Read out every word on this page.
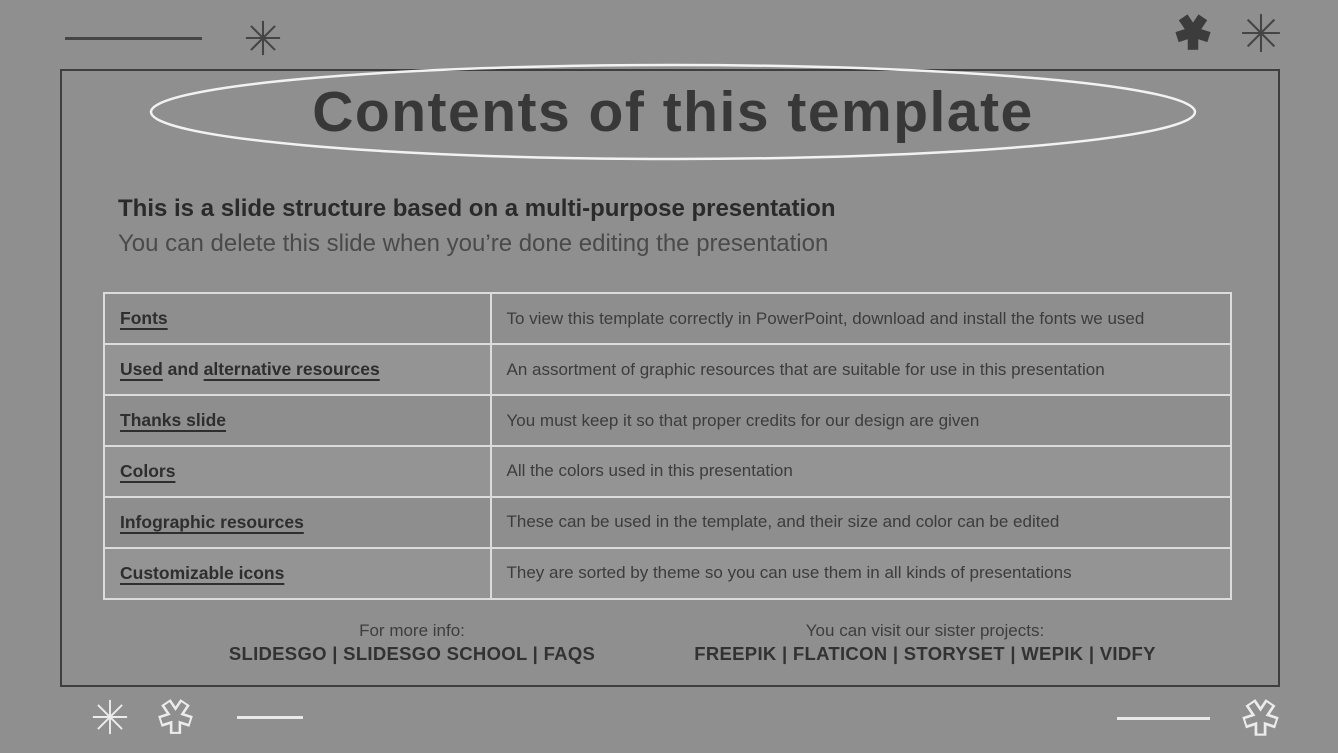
Contents of this template
This is a slide structure based on a multi-purpose presentation
You can delete this slide when you’re done editing the presentation
Fonts	To view this template correctly in PowerPoint, download and install the fonts we used
Used and alternative resources	An assortment of graphic resources that are suitable for use in this presentation
Thanks slide	You must keep it so that proper credits for our design are given
Colors	All the colors used in this presentation
Infographic resources	These can be used in the template, and their size and color can be edited
Customizable icons	They are sorted by theme so you can use them in all kinds of presentations
For more info:
SLIDESGO | SLIDESGO SCHOOL | FAQS
You can visit our sister projects:
FREEPIK | FLATICON | STORYSET | WEPIK | VIDFY
